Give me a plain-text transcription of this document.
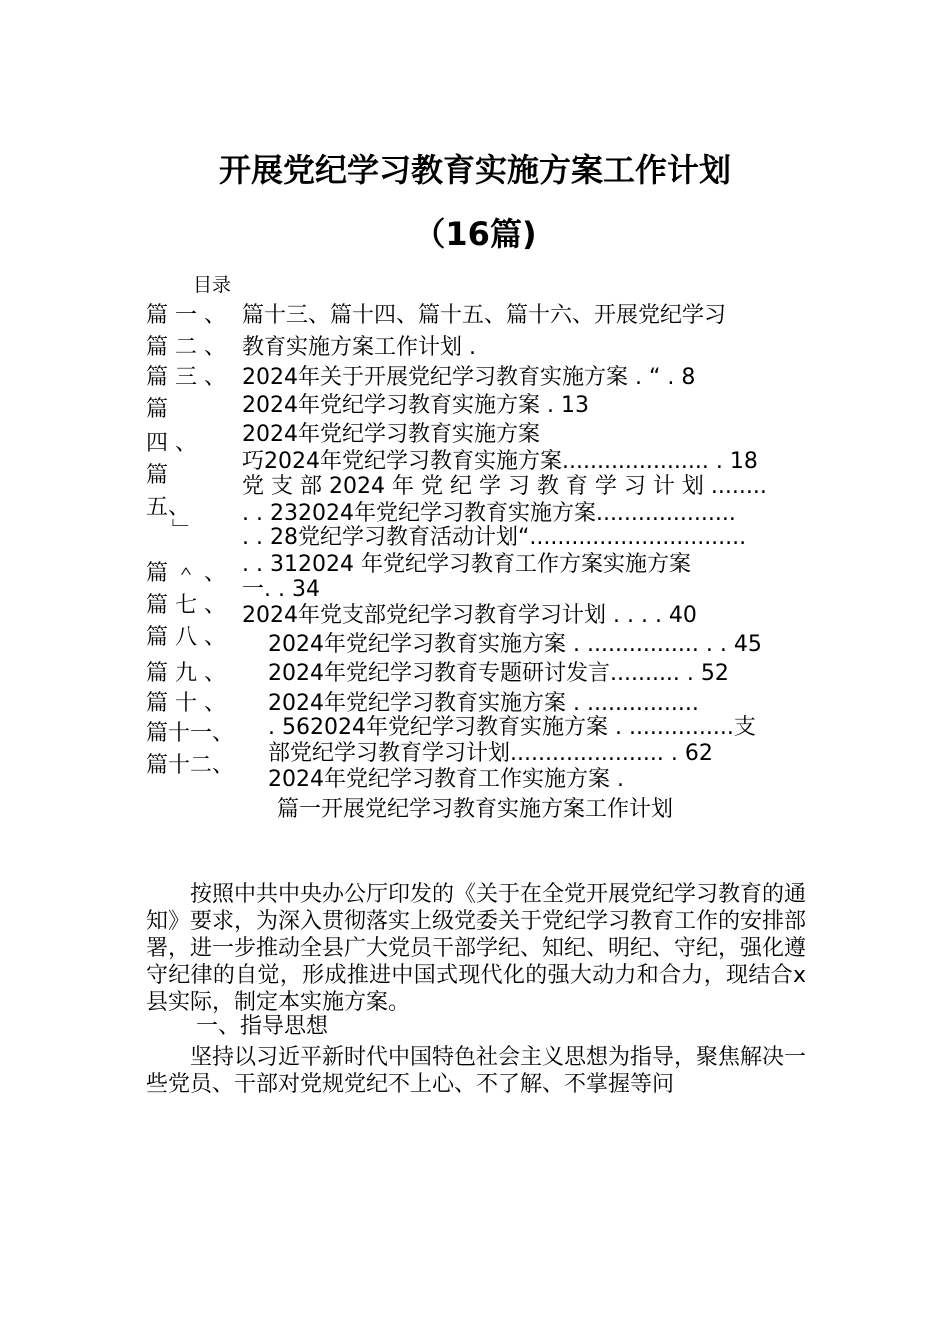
开展党纪学习教育实施方案工作计划
（16篇)
目录
篇 一 、
篇 二 、
篇 三 、
篇
四 、
篇
五、
﹂
篇 ＾ 、
篇 七 、
篇 八 、
篇 九 、
篇 十 、
篇十一、
篇十二、
篇十三、篇十四、篇十五、篇十六、开展党纪学习
教育实施方案工作计划 .
2024年关于开展党纪学习教育实施方案 . “ . 8
2024年党纪学习教育实施方案 . 13
2024年党纪学习教育实施方案
巧2024年党纪学习教育实施方案..................... . 18
党 支 部 2024 年 党 纪 学 习 教 育 学 习 计 划 ........
. . 232024年党纪学习教育实施方案....................
. . 28党纪学习教育活动计划“...............................
. . 312024 年党纪学习教育工作方案实施方案
一. . 34
2024年党支部党纪学习教育学习计划 . . . . 40
2024年党纪学习教育实施方案 . ................ . . 45
2024年党纪学习教育专题研讨发言.......... . 52
2024年党纪学习教育实施方案 . ................
. 562024年党纪学习教育实施方案 . ...............支
部党纪学习教育学习计划...................... . 62
2024年党纪学习教育工作实施方案 .
篇一开展党纪学习教育实施方案工作计划
按照中共中央办公厅印发的《关于在全党开展党纪学习教育的通知》要求，为深入贯彻落实上级党委关于党纪学习教育工作的安排部署，进一步推动全县广大党员干部学纪、知纪、明纪、守纪，强化遵守纪律的自觉，形成推进中国式现代化的强大动力和合力，现结合x县实际，制定本实施方案。
一、指导思想
坚持以习近平新时代中国特色社会主义思想为指导，聚焦解决一些党员、干部对党规党纪不上心、不了解、不掌握等问
